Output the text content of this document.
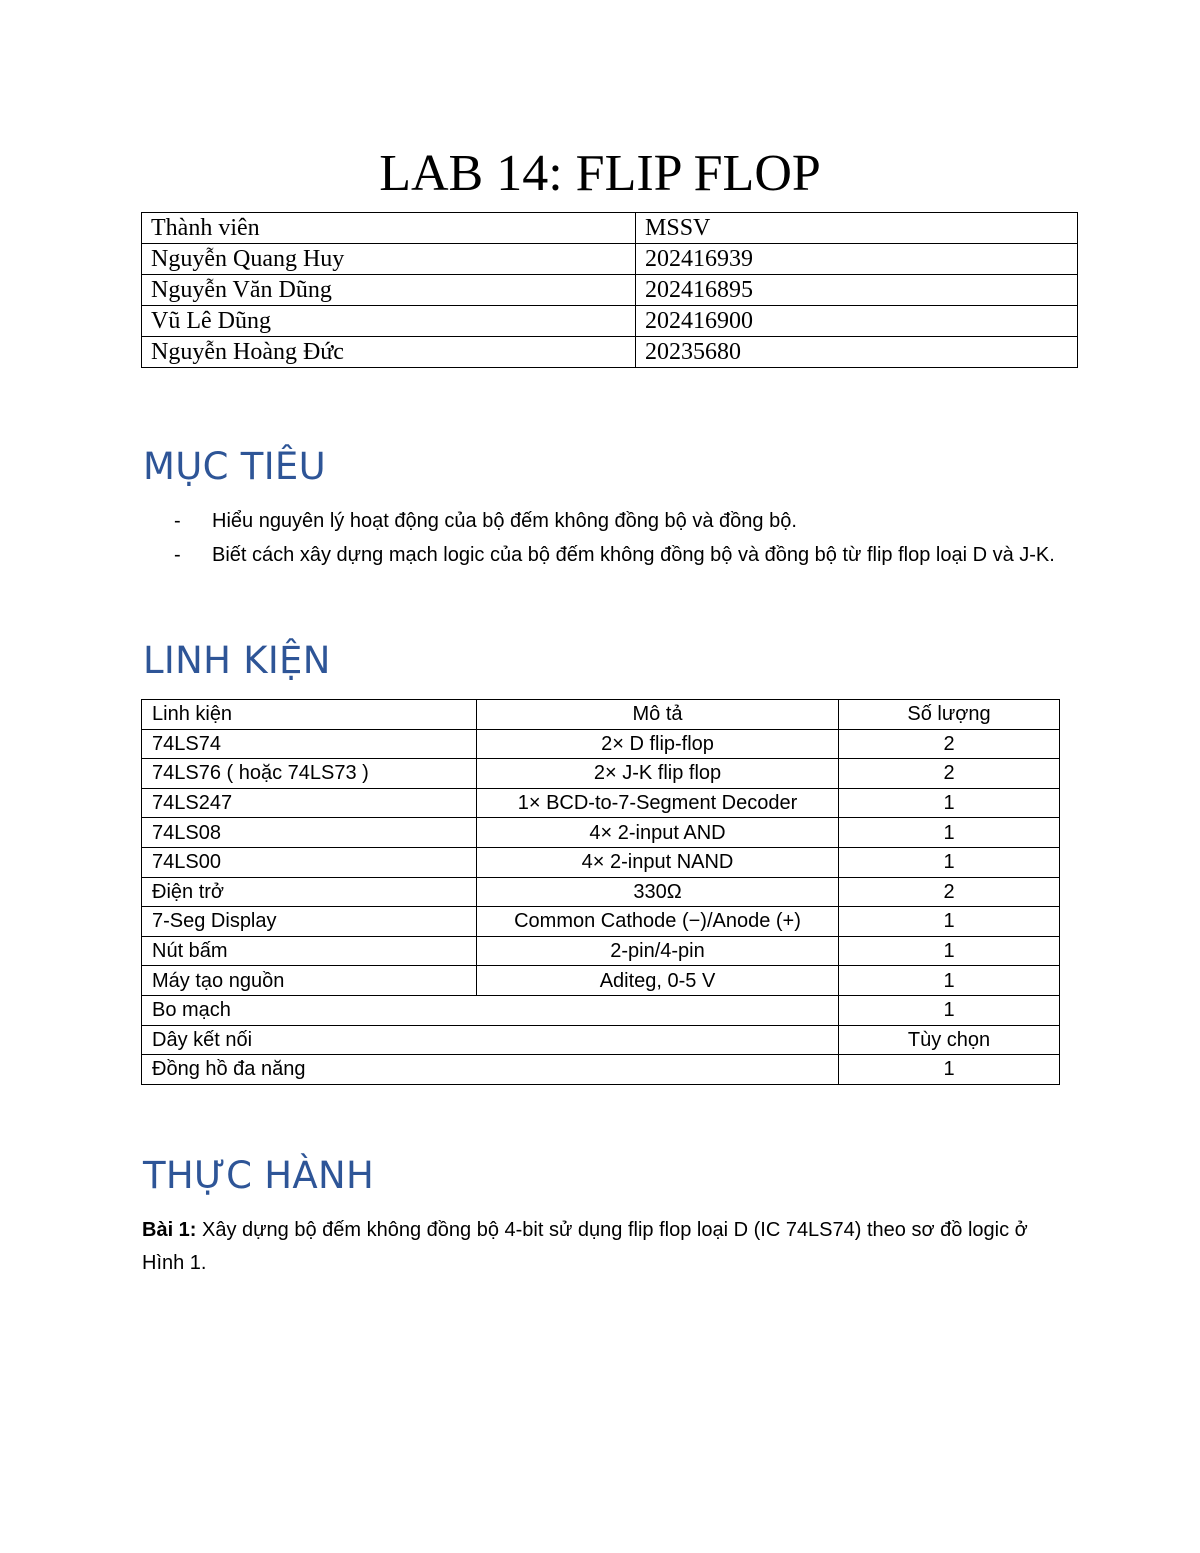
LAB 14: FLIP FLOP
Thành viên	MSSV
Nguyễn Quang Huy	202416939
Nguyễn Văn Dũng	202416895
Vũ Lê Dũng	202416900
Nguyễn Hoàng Đức	20235680
MỤC TIÊU
- Hiểu nguyên lý hoạt động của bộ đếm không đồng bộ và đồng bộ.
- Biết cách xây dựng mạch logic của bộ đếm không đồng bộ và đồng bộ từ flip flop loại D và J-K.
LINH KIỆN
Linh kiện	Mô tả	Số lượng
74LS74	2× D flip-flop	2
74LS76 ( hoặc 74LS73 )	2× J-K flip flop	2
74LS247	1× BCD-to-7-Segment Decoder	1
74LS08	4× 2-input AND	1
74LS00	4× 2-input NAND	1
Điện trở	330Ω	2
7-Seg Display	Common Cathode (−)/Anode (+)	1
Nút bấm	2-pin/4-pin	1
Máy tạo nguồn	Aditeg, 0-5 V	1
Bo mạch		1
Dây kết nối		Tùy chọn
Đồng hồ đa năng		1
THỰC HÀNH
Bài 1: Xây dựng bộ đếm không đồng bộ 4-bit sử dụng flip flop loại D (IC 74LS74) theo sơ đồ logic ở Hình 1.
